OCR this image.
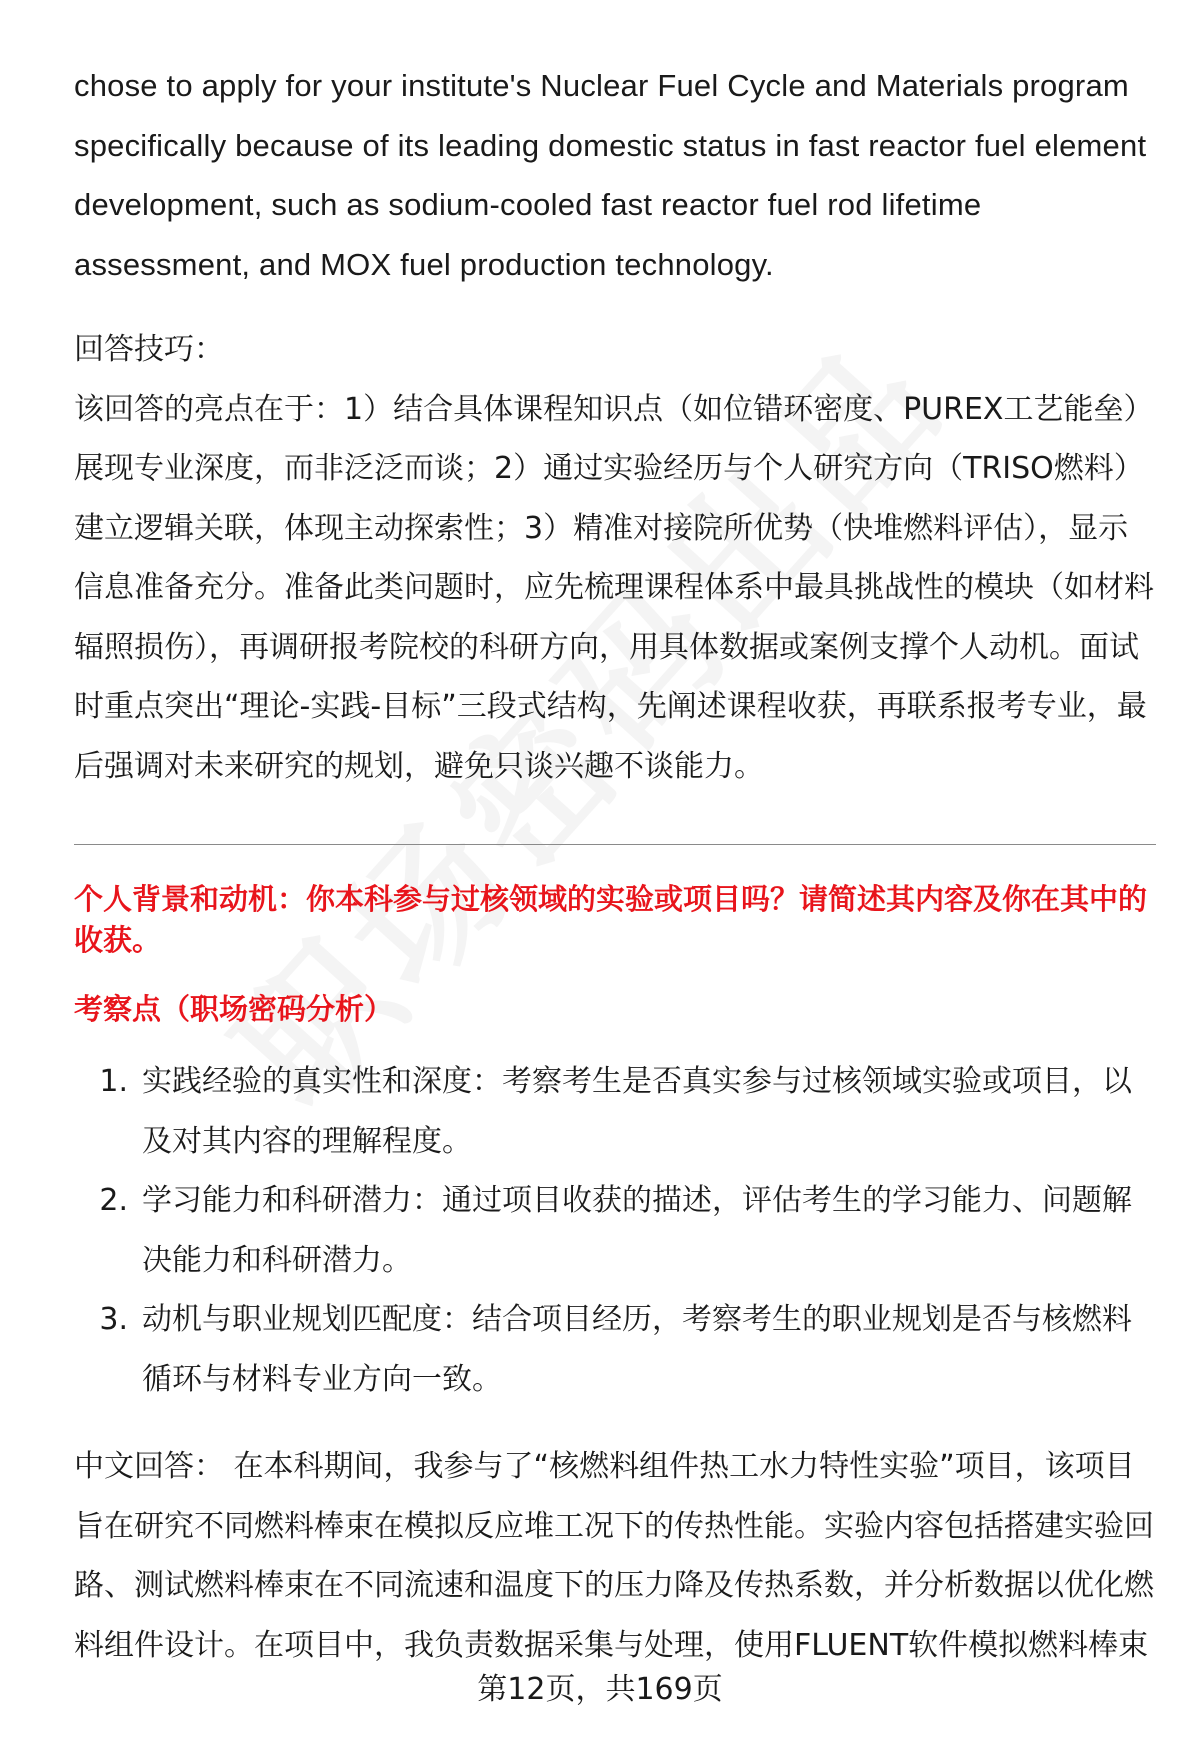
chose to apply for your institute's Nuclear Fuel Cycle and Materials program specifically because of its leading domestic status in fast reactor fuel element development, such as sodium-cooled fast reactor fuel rod lifetime assessment, and MOX fuel production technology.

回答技巧：

该回答的亮点在于：1）结合具体课程知识点（如位错环密度、PUREX工艺能垒）展现专业深度，而非泛泛而谈；2）通过实验经历与个人研究方向（TRISO燃料）建立逻辑关联，体现主动探索性；3）精准对接院所优势（快堆燃料评估），显示信息准备充分。准备此类问题时，应先梳理课程体系中最具挑战性的模块（如材料辐照损伤），再调研报考院校的科研方向，用具体数据或案例支撑个人动机。面试时重点突出“理论-实践-目标”三段式结构，先阐述课程收获，再联系报考专业，最后强调对未来研究的规划，避免只谈兴趣不谈能力。

个人背景和动机：你本科参与过核领域的实验或项目吗？请简述其内容及你在其中的收获。
考察点（职场密码分析）
1. 实践经验的真实性和深度：考察考生是否真实参与过核领域实验或项目，以及对其内容的理解程度。
2. 学习能力和科研潜力：通过项目收获的描述，评估考生的学习能力、问题解决能力和科研潜力。
3. 动机与职业规划匹配度：结合项目经历，考察考生的职业规划是否与核燃料循环与材料专业方向一致。

中文回答： 在本科期间，我参与了“核燃料组件热工水力特性实验”项目，该项目旨在研究不同燃料棒束在模拟反应堆工况下的传热性能。实验内容包括搭建实验回路、测试燃料棒束在不同流速和温度下的压力降及传热系数，并分析数据以优化燃料组件设计。在项目中，我负责数据采集与处理，使用FLUENT软件模拟燃料棒束

第12页，共169页
